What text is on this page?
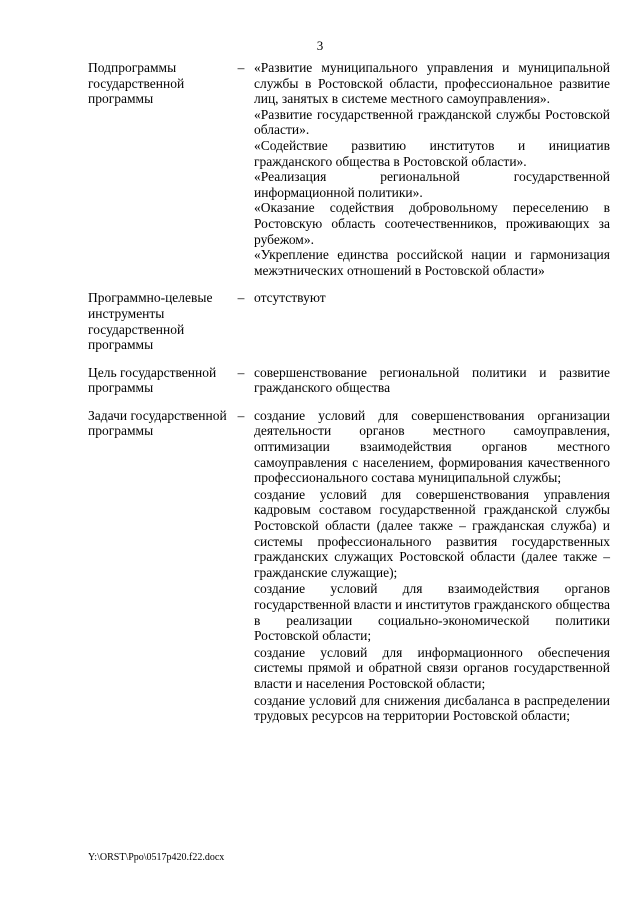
3
Подпрограммы государственной программы
– «Развитие муниципального управления и муниципальной службы в Ростовской области, профессиональное развитие лиц, занятых в системе местного самоуправления».

«Развитие государственной гражданской службы Ростовской области».

«Содействие развитию институтов и инициатив гражданского общества в Ростовской области».

«Реализация региональной государственной информационной политики».

«Оказание содействия добровольному переселению в Ростовскую область соотечественников, проживающих за рубежом».

«Укрепление единства российской нации и гармонизация межэтнических отношений в Ростовской области»

Программно-целевые инструменты государственной программы
– отсутствуют

Цель государственной программы
– совершенствование региональной политики и развитие гражданского общества

Задачи государственной программы
– создание условий для совершенствования организации деятельности органов местного самоуправления, оптимизации взаимодействия органов местного самоуправления с населением, формирования качественного профессионального состава муниципальной службы;

создание условий для совершенствования управления кадровым составом государственной гражданской службы Ростовской области (далее также – гражданская служба) и системы профессионального развития государственных гражданских служащих Ростовской области (далее также – гражданские служащие);

создание условий для взаимодействия органов государственной власти и институтов гражданского общества в реализации социально-экономической политики Ростовской области;

создание условий для информационного обеспечения системы прямой и обратной связи органов государственной власти и населения Ростовской области;

создание условий для снижения дисбаланса в распределении трудовых ресурсов на территории Ростовской области;

Y:\ORST\Ppo\0517p420.f22.docx
